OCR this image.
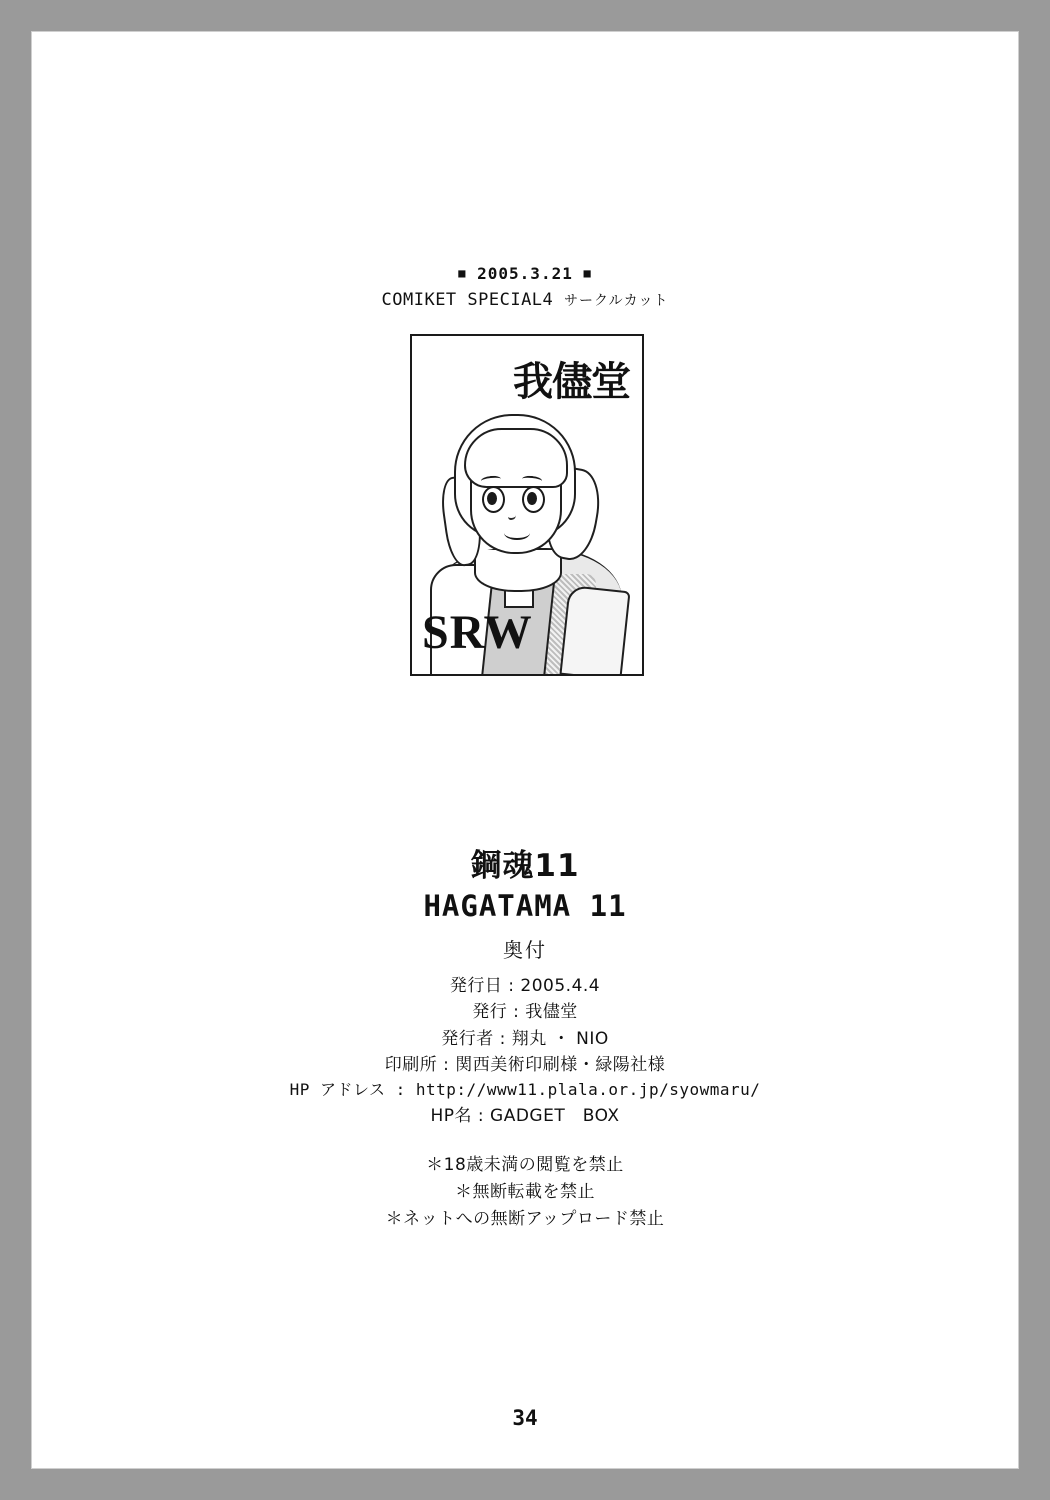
■ 2005.3.21 ■
COMIKET SPECIAL4 サークルカット
我儘堂
SRW
鋼魂11
HAGATAMA 11
奥付
発行日 : 2005.4.4
発行 : 我儘堂
発行者 : 翔丸 ・ NIO
印刷所 : 関西美術印刷様・緑陽社様
HP アドレス : http://www11.plala.or.jp/syowmaru/
HP名 : GADGET　BOX
＊18歳未満の閲覧を禁止
＊無断転載を禁止
＊ネットへの無断アップロード禁止
34
